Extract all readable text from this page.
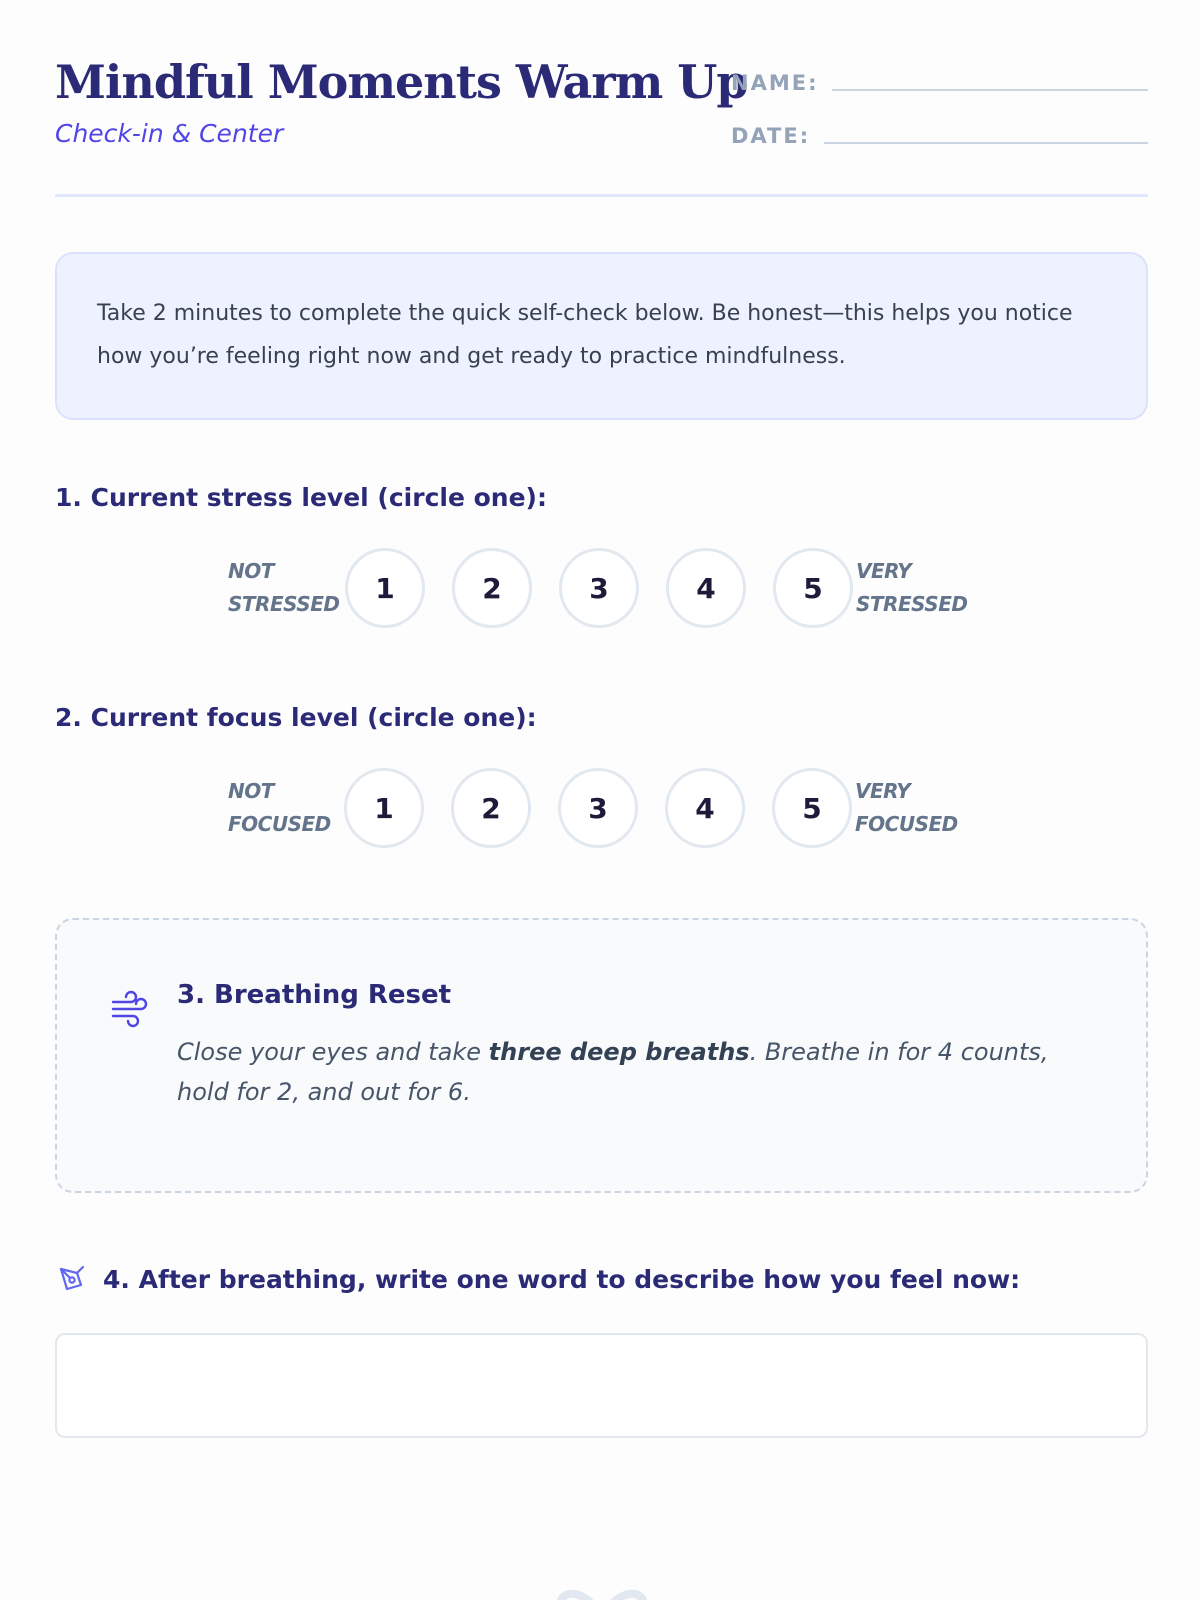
Mindful Moments Warm Up
Check-in & Center
NAME:
DATE:
Take 2 minutes to complete the quick self-check below. Be honest—this helps you notice how you’re feeling right now and get ready to practice mindfulness.
1. Current stress level (circle one):
NOT
STRESSED	1	2	3	4	5
VERY
STRESSED
2. Current focus level (circle one):
NOT
FOCUSED	1	2	3	4	5
VERY
FOCUSED
3. Breathing Reset
Close your eyes and take three deep breaths. Breathe in for 4 counts, hold for 2, and out for 6.
4. After breathing, write one word to describe how you feel now:
